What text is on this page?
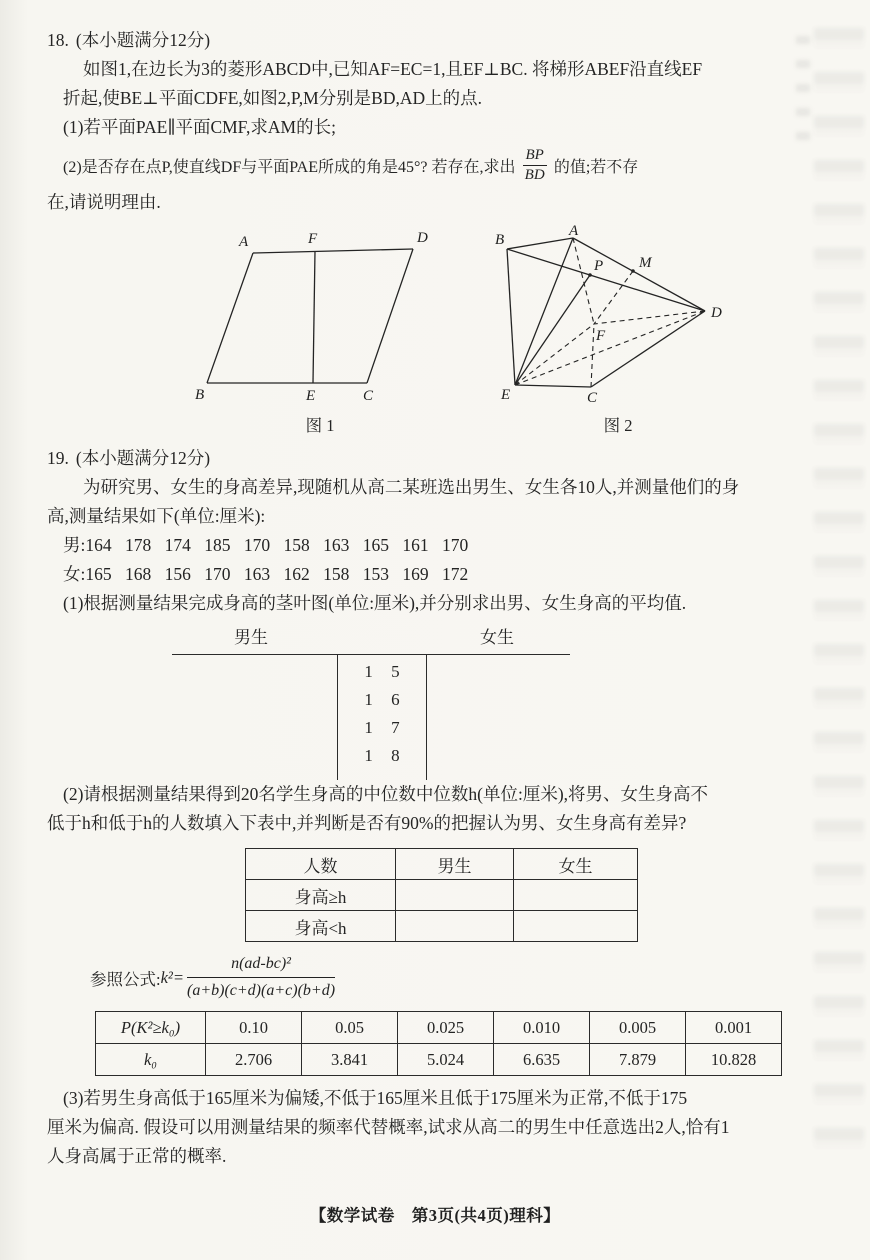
18. (本小题满分12分)
如图1,在边长为3的菱形ABCD中,已知AF=EC=1,且EF⊥BC. 将梯形ABEF沿直线EF
折起,使BE⊥平面CDFE,如图2,P,M分别是BD,AD上的点.
(1)若平面PAE∥平面CMF,求AM的长;
(2)是否存在点P,使直线DF与平面PAE所成的角是45°? 若存在,求出 $\frac{BP}{BD}$ 的值;若不存
在,请说明理由.
A	F	D
B	E	C
图 1
B
A
P M
D
F
E	C
图 2
19. (本小题满分12分)
为研究男、女生的身高差异,现随机从高二某班选出男生、女生各10人,并测量他们的身
高,测量结果如下(单位:厘米):
男:164 178 174 185 170 158 163 165 161 170
女:165 168 156 170 163 162 158 153 169 172
(1)根据测量结果完成身高的茎叶图(单位:厘米),并分别求出男、女生身高的平均值.
男生	女生
1 5
1 6
1 7
1 8
(2)请根据测量结果得到20名学生身高的中位数中位数h(单位:厘米),将男、女生身高不
低于h和低于h的人数填入下表中,并判断是否有90%的把握认为男、女生身高有差异?
人数	男生	女生
身高≥h		
身高<h		
参照公式: $k^2= \frac{\text{n(ad-bc)²}}{(a+b)(c+d)(a+c)(b+d)}$
P(K²≥k₀)	0.10	0.05	0.025	0.010	0.005	0.001
k₀	2.706	3.841	5.024	6.635	7.879	10.828
(3)若男生身高低于165厘米为偏矮,不低于165厘米且低于175厘米为正常,不低于175
厘米为偏高. 假设可以用测量结果的频率代替概率,试求从高二的男生中任意选出2人,恰有1
人身高属于正常的概率.
【数学试卷　第3页(共4页)理科】
